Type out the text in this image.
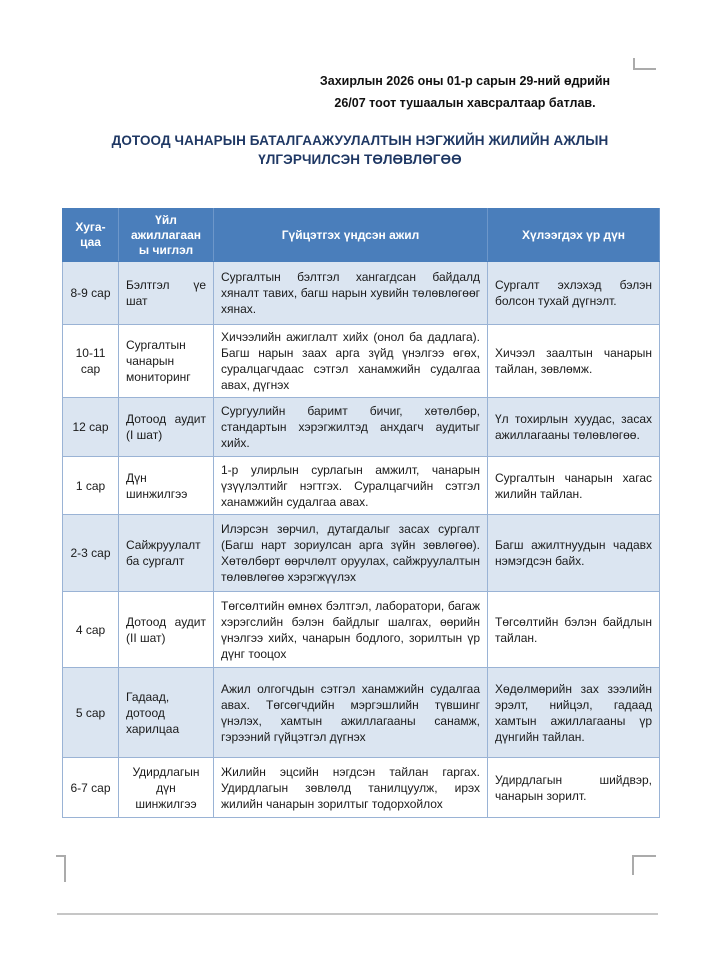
Захирлын 2026 оны 01-р сарын 29-ний өдрийн
26/07 тоот тушаалын хавсралтаар батлав.
ДОТООД ЧАНАРЫН БАТАЛГААЖУУЛАЛТЫН НЭГЖИЙН ЖИЛИЙН АЖЛЫН
ҮЛГЭРЧИЛСЭН ТӨЛӨВЛӨГӨӨ
Хуга-цаа	Үйл ажиллагааны чиглэл	Гүйцэтгэх үндсэн ажил	Хүлээгдэх үр дүн
8-9 сар	Бэлтгэл үе шат	Сургалтын бэлтгэл хангагдсан байдалд хяналт тавих, багш нарын хувийн төлөвлөгөөг хянах.	Сургалт эхлэхэд бэлэн болсон тухай дүгнэлт.
10-11 сар	Сургалтын чанарын мониторинг	Хичээлийн ажиглалт хийх (онол ба дадлага). Багш нарын заах арга зүйд үнэлгээ өгөх, суралцагчдаас сэтгэл ханамжийн судалгаа авах, дүгнэх	Хичээл заалтын чанарын тайлан, зөвлөмж.
12 сар	Дотоод аудит (I шат)	Сургуулийн баримт бичиг, хөтөлбөр, стандартын хэрэгжилтэд анхдагч аудитыг хийх.	Үл тохирлын хуудас, засах ажиллагааны төлөвлөгөө.
1 сар	Дүн шинжилгээ	1-р улирлын сурлагын амжилт, чанарын үзүүлэлтийг нэгтгэх. Суралцагчийн сэтгэл ханамжийн судалгаа авах.	Сургалтын чанарын хагас жилийн тайлан.
2-3 сар	Сайжруулалт ба сургалт	Илэрсэн зөрчил, дутагдалыг засах сургалт (Багш нарт зориулсан арга зүйн зөвлөгөө). Хөтөлбөрт өөрчлөлт оруулах, сайжруулалтын төлөвлөгөө хэрэгжүүлэх	Багш ажилтнуудын чадавх нэмэгдсэн байх.
4 сар	Дотоод аудит (II шат)	Төгсөлтийн өмнөх бэлтгэл, лаборатори, багаж хэрэгслийн бэлэн байдлыг шалгах, өөрийн үнэлгээ хийх, чанарын бодлого, зорилтын үр дүнг тооцох	Төгсөлтийн бэлэн байдлын тайлан.
5 сар	Гадаад, дотоод харилцаа	Ажил олгогчдын сэтгэл ханамжийн судалгаа авах. Төгсөгчдийн мэргэшлийн түвшинг үнэлэх, хамтын ажиллагааны санамж, гэрээний гүйцэтгэл дүгнэх	Хөдөлмөрийн зах зээлийн эрэлт, нийцэл, гадаад хамтын ажиллагааны үр дүнгийн тайлан.
6-7 сар	Удирдлагын дүн шинжилгээ	Жилийн эцсийн нэгдсэн тайлан гаргах. Удирдлагын зөвлөлд танилцуулж, ирэх жилийн чанарын зорилтыг тодорхойлох	Удирдлагын шийдвэр, чанарын зорилт.
